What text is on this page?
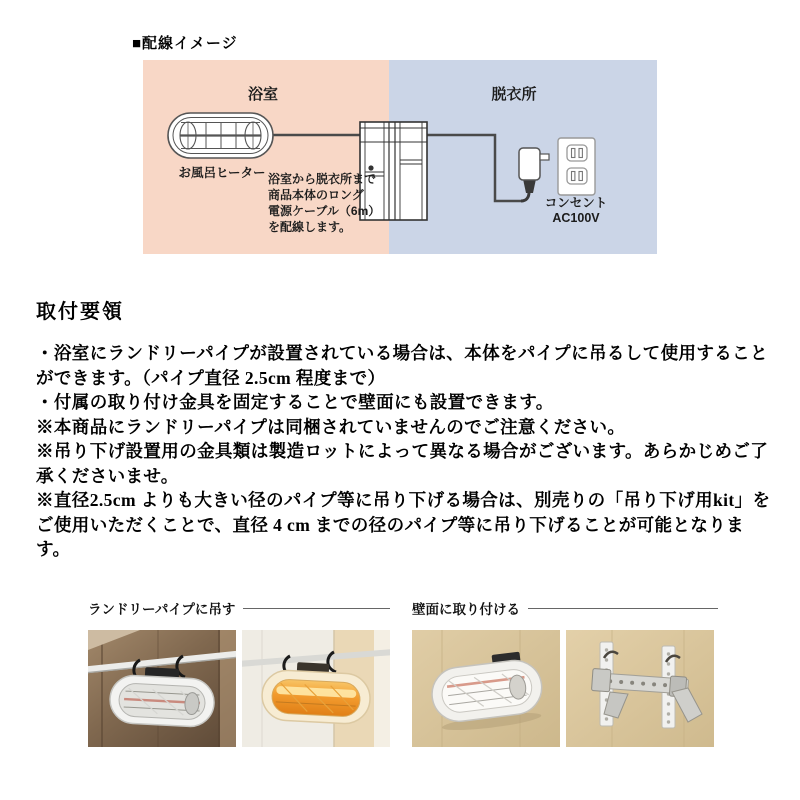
■配線イメージ
浴室	脱衣所
お風呂ヒーター 浴室から脱衣所まで
商品本体のロング
電源ケーブル（6m）
を配線します。
コンセント
AC100V
取付要領

・浴室にランドリーパイプが設置されている場合は、本体をパイプに吊るして使用することができます。（パイプ直径 2.5cm 程度まで）

・付属の取り付け金具を固定することで壁面にも設置できます。

※本商品にランドリーパイプは同梱されていませんのでご注意ください。

※吊り下げ設置用の金具類は製造ロットによって異なる場合がございます。あらかじめご了承くださいませ。

※直径2.5cm よりも大きい径のパイプ等に吊り下げる場合は、別売りの「吊り下げ用kit」をご使用いただくことで、直径 4 cm までの径のパイプ等に吊り下げることが可能となります。

ランドリーパイプに吊す	壁面に取り付ける
